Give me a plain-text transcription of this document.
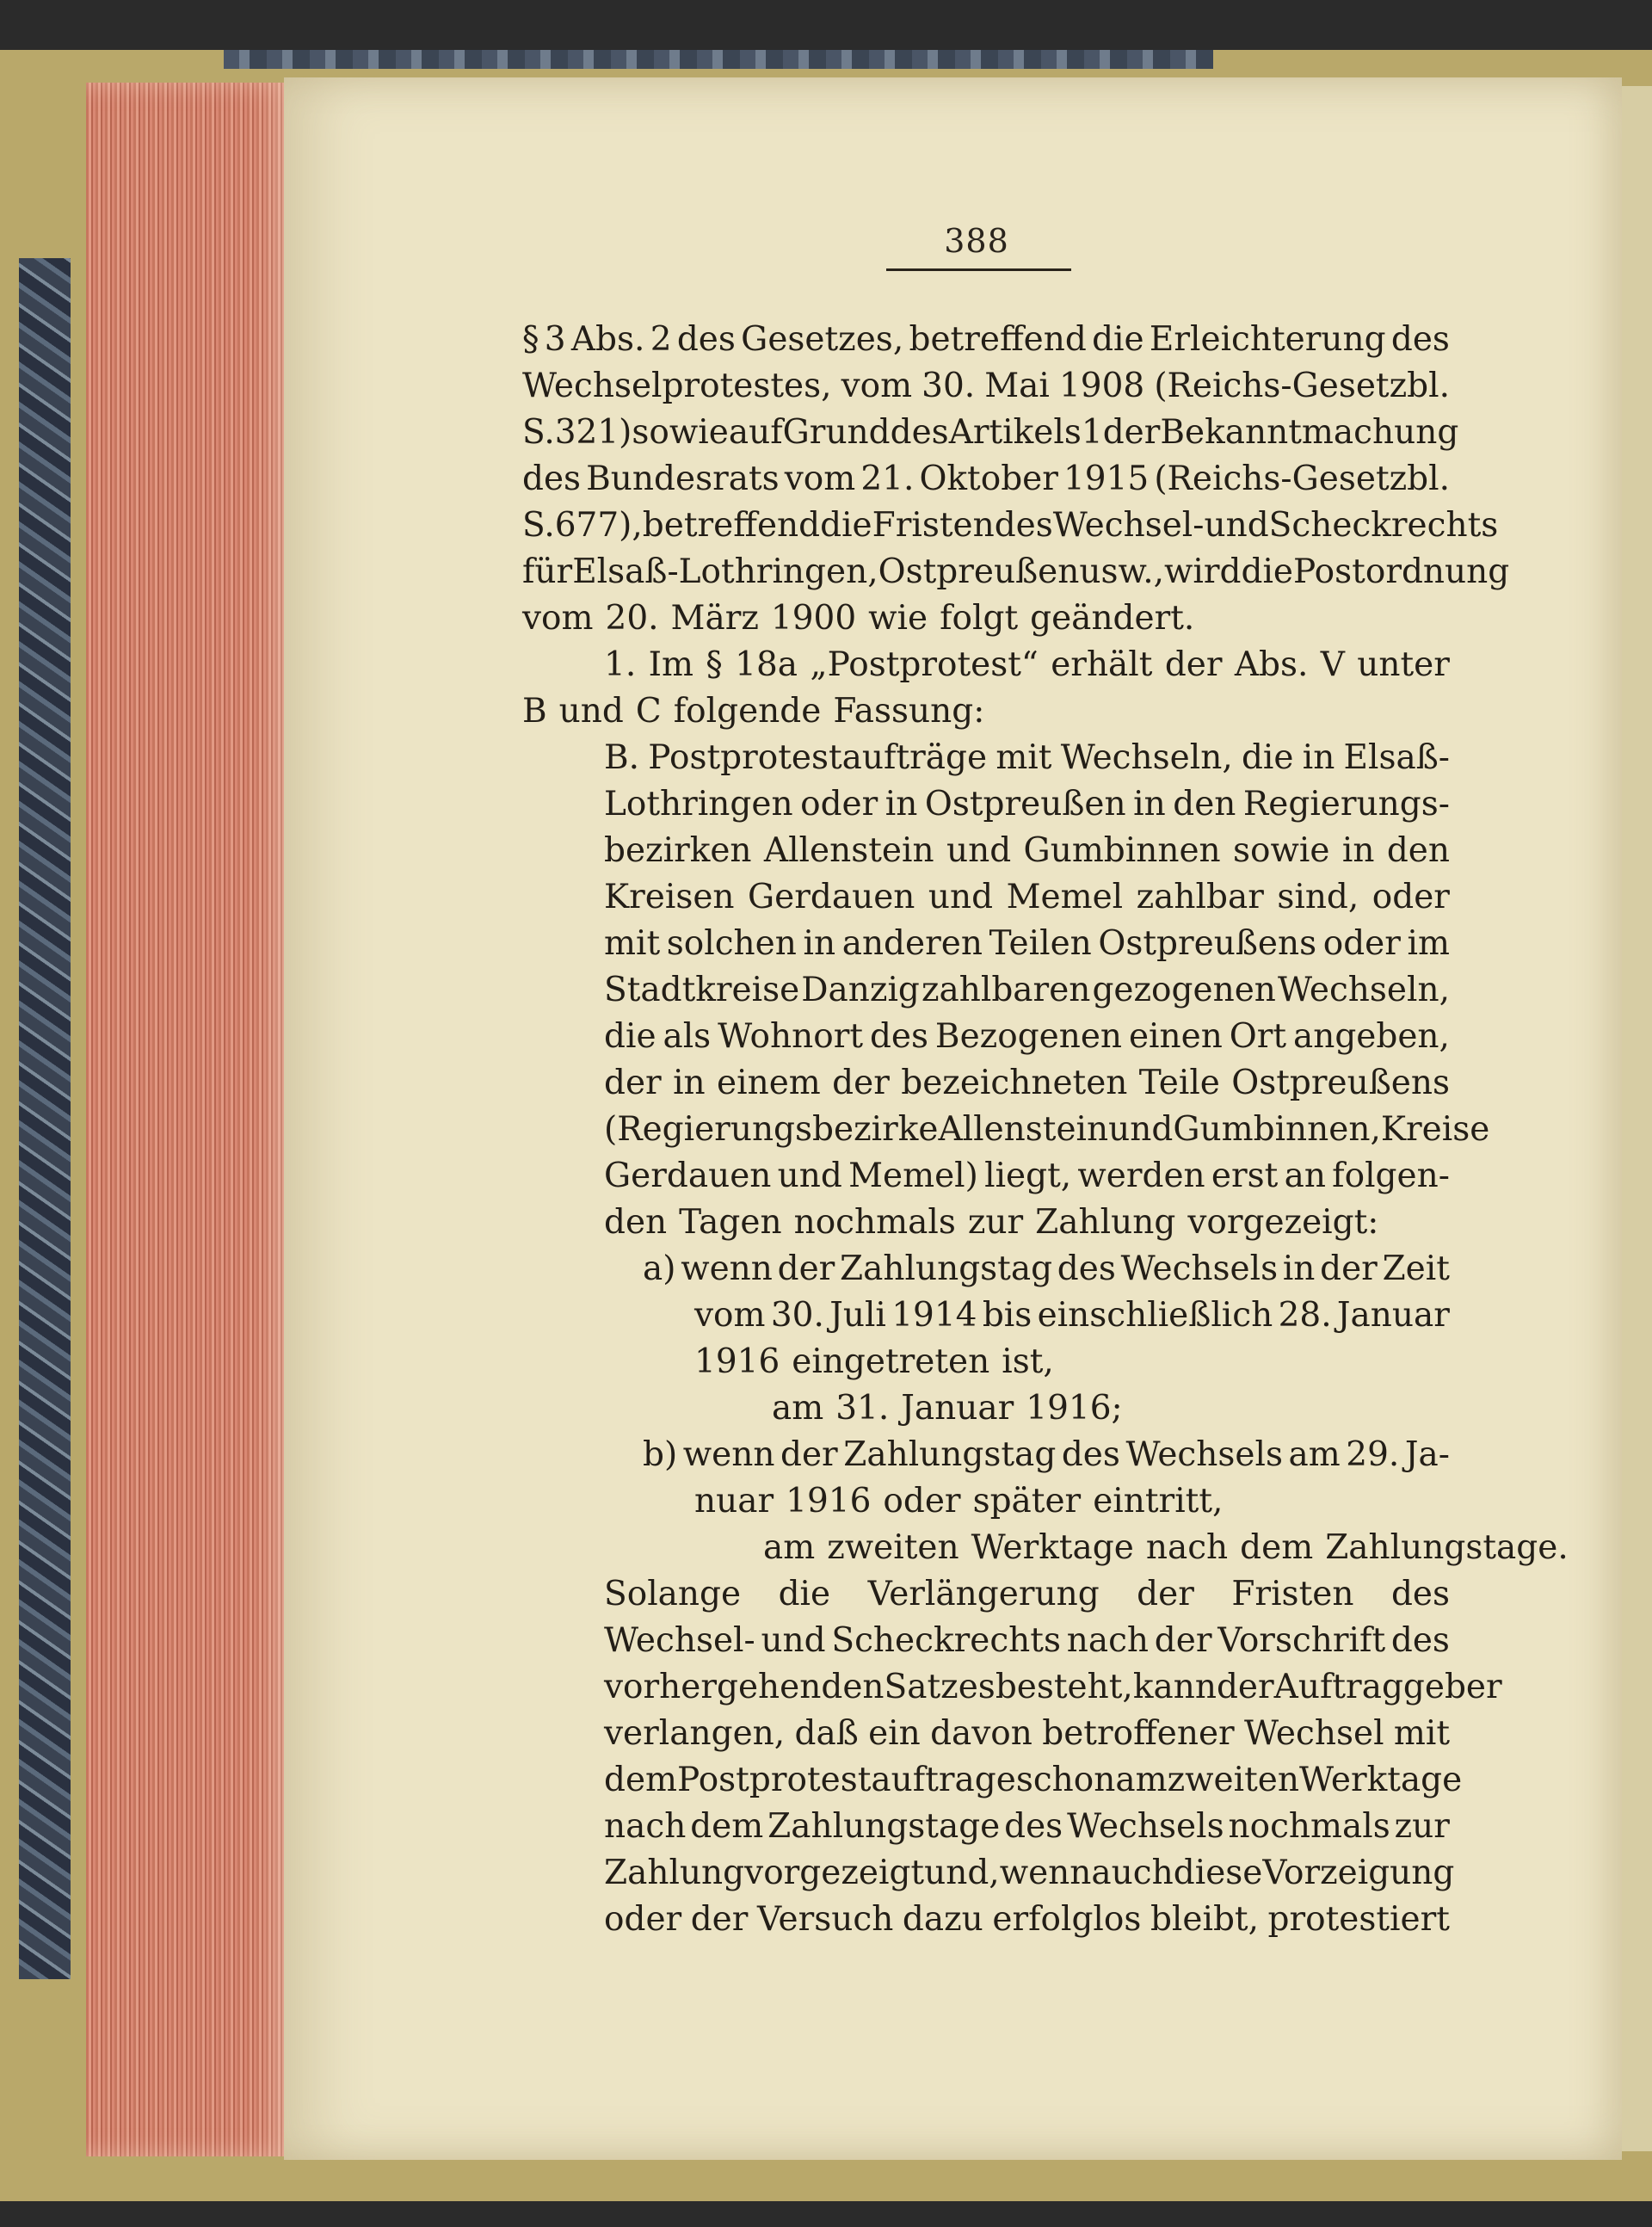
388
§ 3 Abs. 2 des Gesetzes, betreffend die Erleichterung des
Wechselprotestes, vom 30. Mai 1908 (Reichs-Gesetzbl.
S. 321) sowie auf Grund des Artikels 1 der Bekanntmachung
des Bundesrats vom 21. Oktober 1915 (Reichs-Gesetzbl.
S. 677), betreffend die Fristen des Wechsel- und Scheckrechts
für Elsaß-Lothringen, Ostpreußen usw., wird die Postordnung
vom 20. März 1900 wie folgt geändert.
1. Im § 18a „Postprotest“ erhält der Abs. V unter
B und C folgende Fassung:
B. Postprotestaufträge mit Wechseln, die in Elsaß-
Lothringen oder in Ostpreußen in den Regierungs-
bezirken Allenstein und Gumbinnen sowie in den
Kreisen Gerdauen und Memel zahlbar sind, oder
mit solchen in anderen Teilen Ostpreußens oder im
Stadtkreise Danzig zahlbaren gezogenen Wechseln,
die als Wohnort des Bezogenen einen Ort angeben,
der in einem der bezeichneten Teile Ostpreußens
(Regierungsbezirke Allenstein und Gumbinnen, Kreise
Gerdauen und Memel) liegt, werden erst an folgen-
den Tagen nochmals zur Zahlung vorgezeigt:
a) wenn der Zahlungstag des Wechsels in der Zeit
vom 30. Juli 1914 bis einschließlich 28. Januar
1916 eingetreten ist,
am 31. Januar 1916;
b) wenn der Zahlungstag des Wechsels am 29. Ja-
nuar 1916 oder später eintritt,
am zweiten Werktage nach dem Zahlungstage.
Solange die Verlängerung der Fristen des
Wechsel- und Scheckrechts nach der Vorschrift des
vorhergehenden Satzes besteht, kann der Auftraggeber
verlangen, daß ein davon betroffener Wechsel mit
dem Postprotestauftrage schon am zweiten Werktage
nach dem Zahlungstage des Wechsels nochmals zur
Zahlung vorgezeigt und, wenn auch diese Vorzeigung
oder der Versuch dazu erfolglos bleibt, protestiert
